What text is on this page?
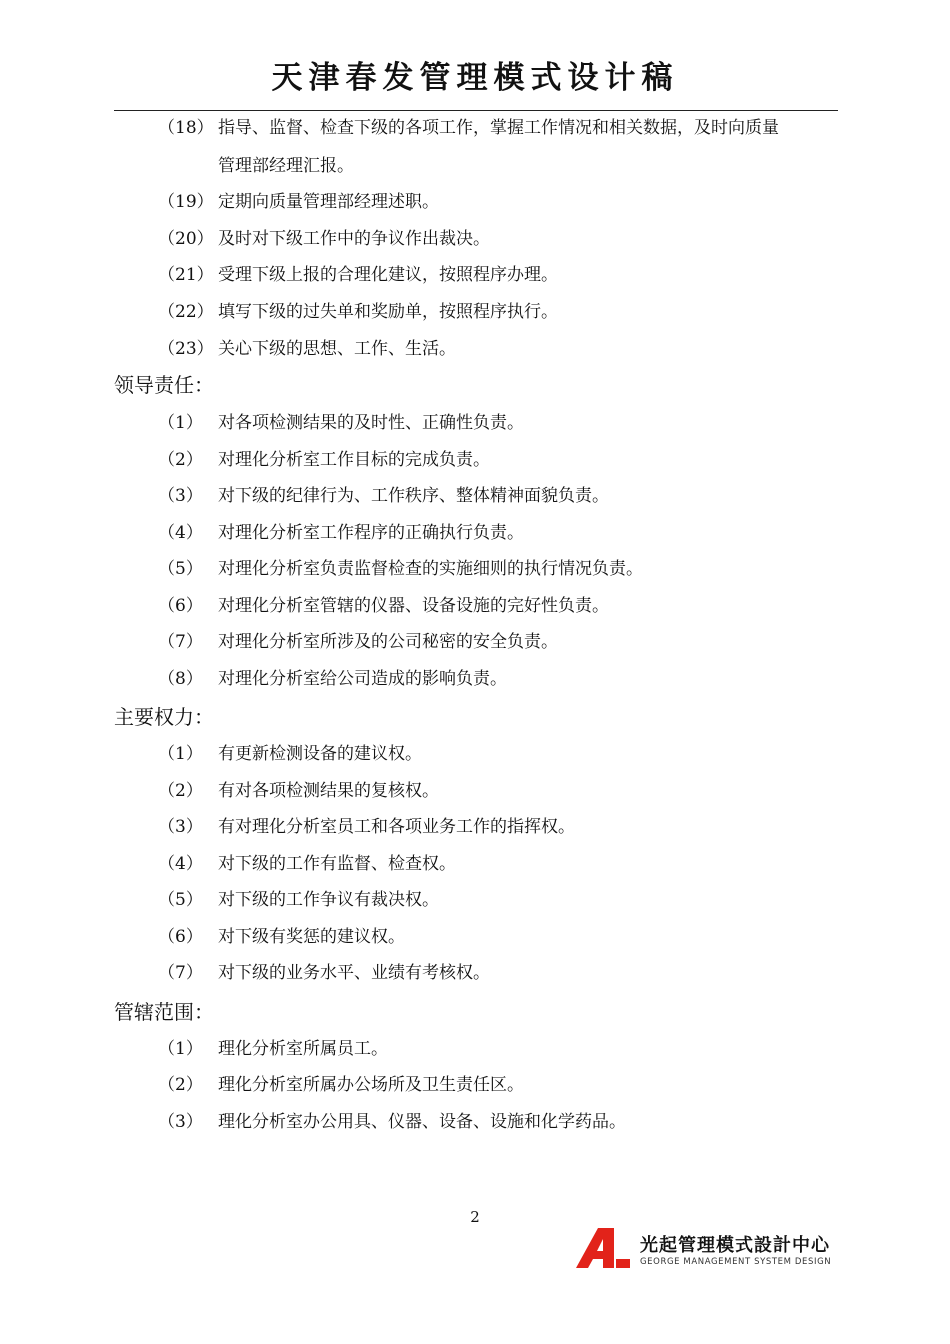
天津春发管理模式设计稿
（18） 指导、监督、检查下级的各项工作，掌握工作情况和相关数据，及时向质量
管理部经理汇报。
（19） 定期向质量管理部经理述职。
（20） 及时对下级工作中的争议作出裁决。
（21） 受理下级上报的合理化建议，按照程序办理。
（22） 填写下级的过失单和奖励单，按照程序执行。
（23） 关心下级的思想、工作、生活。
领导责任：
（1） 对各项检测结果的及时性、正确性负责。
（2） 对理化分析室工作目标的完成负责。
（3） 对下级的纪律行为、工作秩序、整体精神面貌负责。
（4） 对理化分析室工作程序的正确执行负责。
（5） 对理化分析室负责监督检查的实施细则的执行情况负责。
（6） 对理化分析室管辖的仪器、设备设施的完好性负责。
（7） 对理化分析室所涉及的公司秘密的安全负责。
（8） 对理化分析室给公司造成的影响负责。
主要权力：
（1） 有更新检测设备的建议权。
（2） 有对各项检测结果的复核权。
（3） 有对理化分析室员工和各项业务工作的指挥权。
（4） 对下级的工作有监督、检查权。
（5） 对下级的工作争议有裁决权。
（6） 对下级有奖惩的建议权。
（7） 对下级的业务水平、业绩有考核权。
管辖范围：
（1） 理化分析室所属员工。
（2） 理化分析室所属办公场所及卫生责任区。
（3） 理化分析室办公用具、仪器、设备、设施和化学药品。
2
光起管理模式設計中心
GEORGE MANAGEMENT SYSTEM DESIGN
